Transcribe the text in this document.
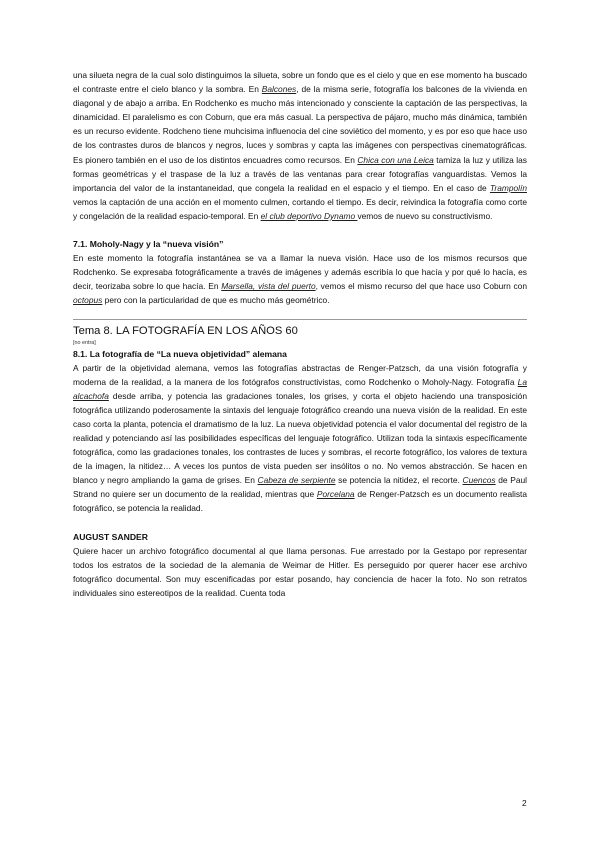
una silueta negra de la cual solo distinguimos la silueta, sobre un fondo que es el cielo y que en ese momento ha buscado el contraste entre el cielo blanco y la sombra. En Balcones, de la misma serie, fotografía los balcones de la vivienda en diagonal y de abajo a arriba. En Rodchenko es mucho más intencionado y consciente la captación de las perspectivas, la dinamicidad. El paralelismo es con Coburn, que era más casual. La perspectiva de pájaro, mucho más dinámica, también es un recurso evidente. Rodcheno tiene muhcisima influenocia del cine soviètico del momento, y es por eso que hace uso de los contrastes duros de blancos y negros, luces y sombras y capta las imágenes con perspectivas cinematográficas. Es pionero también en el uso de los distintos encuadres como recursos. En Chica con una Leica tamiza la luz y utiliza las formas geométricas y el traspase de la luz a través de las ventanas para crear fotografías vanguardistas. Vemos la importancia del valor de la instantaneidad, que congela la realidad en el espacio y el tiempo. En el caso de Trampolín vemos la captación de una acción en el momento culmen, cortando el tiempo. Es decir, reivindica la fotografía como corte y congelación de la realidad espacio-temporal. En el club deportivo Dynamo vemos de nuevo su constructivismo.

7.1. Moholy-Nagy y la “nueva visión”

En este momento la fotografía instantánea se va a llamar la nueva visión. Hace uso de los mismos recursos que Rodchenko. Se expresaba fotográficamente a través de imágenes y además escribía lo que hacía y por qué lo hacía, es decir, teorizaba sobre lo que hacía. En Marsella, vista del puerto, vemos el mismo recurso del que hace uso Coburn con octopus pero con la particularidad de que es mucho más geométrico.

Tema 8. LA FOTOGRAFÍA EN LOS AÑOS 60

[no entra]

8.1. La fotografía de “La nueva objetividad” alemana

A partir de la objetividad alemana, vemos las fotografías abstractas de Renger-Patzsch, da una visión fotografía y moderna de la realidad, a la manera de los fotógrafos constructivistas, como Rodchenko o Moholy-Nagy. Fotografía La alcachofa desde arriba, y potencia las gradaciones tonales, los grises, y corta el objeto haciendo una transposición fotográfica utilizando poderosamente la sintaxis del lenguaje fotográfico creando una nueva visión de la realidad. En este caso corta la planta, potencia el dramatismo de la luz. La nueva objetividad potencia el valor documental del registro de la realidad y potenciando así las posibilidades específicas del lenguaje fotográfico. Utilizan toda la sintaxis específicamente fotográfica, como las gradaciones tonales, los contrastes de luces y sombras, el recorte fotográfico, los valores de textura de la imagen, la nitidez… A veces los puntos de vista pueden ser insólitos o no. No vemos abstracción. Se hacen en blanco y negro ampliando la gama de grises. En Cabeza de serpiente se potencia la nitidez, el recorte. Cuencos de Paul Strand no quiere ser un documento de la realidad, mientras que Porcelana de Renger-Patzsch es un documento realista fotográfico, se potencia la realidad.

AUGUST SANDER

Quiere hacer un archivo fotográfico documental al que llama personas. Fue arrestado por la Gestapo por representar todos los estratos de la sociedad de la alemania de Weimar de Hitler. Es perseguido por querer hacer ese archivo fotográfico documental. Son muy escenificadas por estar posando, hay conciencia de hacer la foto. No son retratos individuales sino estereotipos de la realidad. Cuenta toda

2
